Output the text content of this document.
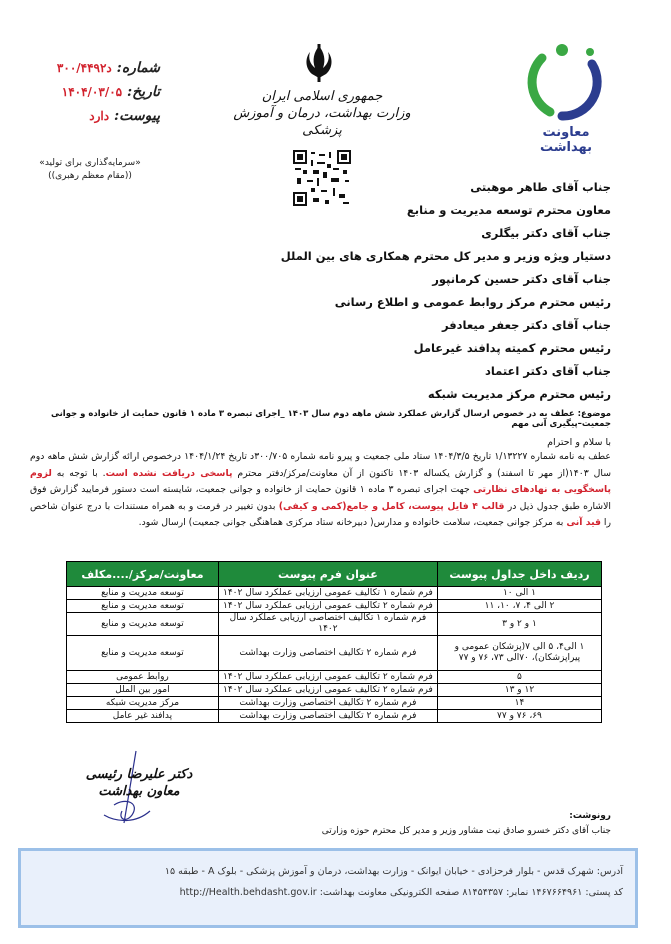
جمهوری اسلامی ایران
وزارت بهداشت، درمان و آموزش پزشکی	معاونت بهداشت
شماره: د۳۰۰/۴۴۹۲
تاریخ: ۱۴۰۴/۰۳/۰۵
پیوست: دارد
«سرمایه‌گذاری برای تولید»
((مقام معظم رهبری))
جناب آقای طاهر موهبتی
معاون محترم توسعه مدیریت و منابع
جناب آقای دکتر بیگلری
دستیار ویژه وزیر و مدیر کل محترم همکاری های بین الملل
جناب آقای دکتر حسین کرمانپور
رئیس محترم مرکز روابط عمومی و اطلاع رسانی
جناب آقای دکتر جعفر میعادفر
رئیس محترم کمیته پدافند غیرعامل
جناب آقای دکتر اعتماد
رئیس محترم مرکز مدیریت شبکه
موضوع: عطف به در خصوص ارسال گزارش عملکرد شش ماهه دوم سال ۱۴۰۳ _اجرای تبصره ۳ ماده ۱ قانون حمایت از خانواده و جوانی جمعیت–پیگیری آنی مهم
با سلام و احترام
عطف به نامه شماره ۱/۱۳۲۲۷ تاریخ ۱۴۰۴/۳/۵ ستاد ملی جمعیت و پیرو نامه شماره ۳۰۰/۷۰۵د تاریخ ۱۴۰۴/۱/۲۴ درخصوص ارائه گزارش شش ماهه دوم سال ۱۴۰۳(از مهر تا اسفند) و گزارش یکساله ۱۴۰۳ تاکنون از آن معاونت/مرکز/دفتر محترم پاسخی دریافت نشده است. با توجه به لزوم پاسخگویی به نهادهای نظارتی جهت اجرای تبصره ۳ ماده ۱ قانون حمایت از خانواده و جوانی جمعیت، شایسته است دستور فرمایید گزارش فوق الاشاره طبق جدول ذیل در قالب ۴ فایل پیوست، کامل و جامع(کمی و کیفی) بدون تغییر در فرمت و به همراه مستندات با درج عنوان شاخص را قید آنی به مرکز جوانی جمعیت، سلامت خانواده و مدارس( دبیرخانه ستاد مرکزی هماهنگی جوانی جمعیت) ارسال شود.
ردیف داخل جداول پیوست	عنوان فرم پیوست	معاونت/مرکز/....مکلف
۱ الی ۱۰	فرم شماره ۱ تکالیف عمومی ارزیابی عملکرد سال ۱۴۰۲	توسعه مدیریت و منابع
۲ الی ۴، ۷، ۱۰، ۱۱	فرم شماره ۲ تکالیف عمومی ارزیابی عملکرد سال ۱۴۰۲	توسعه مدیریت و منابع
۱ و ۲ و ۳	فرم شماره ۱ تکالیف اختصاصی ارزیابی عملکرد سال ۱۴۰۲	توسعه مدیریت و منابع
۱ الی۴، ۵ الی ۷(پزشکان عمومی و پیراپزشکان)، ۷۰الی ۷۳، ۷۶ و ۷۷	فرم شماره ۲ تکالیف اختصاصی وزارت بهداشت	توسعه مدیریت و منابع
۵	فرم شماره ۲ تکالیف عمومی ارزیابی عملکرد سال ۱۴۰۲	روابط عمومی
۱۲ و ۱۳	فرم شماره ۲ تکالیف عمومی ارزیابی عملکرد سال ۱۴۰۲	امور بین الملل
۱۴	فرم شماره ۲ تکالیف اختصاصی وزارت بهداشت	مرکز مدیریت شبکه
۶۹، ۷۶ و ۷۷	فرم شماره ۲ تکالیف اختصاصی وزارت بهداشت	پدافند غیر عامل
دکتر علیرضا رئیسی
معاون بهداشت
رونوشت:
جناب آقای دکتر خسرو صادق نیت مشاور وزیر و مدیر کل محترم حوزه وزارتی
آدرس: شهرک قدس - بلوار فرحزادی - خیابان ایوانک - وزارت بهداشت، درمان و آموزش پزشکی - بلوک A - طبقه ۱۵
کد پستی: ۱۴۶۷۶۶۴۹۶۱ نمابر: ۸۱۴۵۴۳۵۷ صفحه الکترونیکی معاونت بهداشت: http://Health.behdasht.gov.ir
